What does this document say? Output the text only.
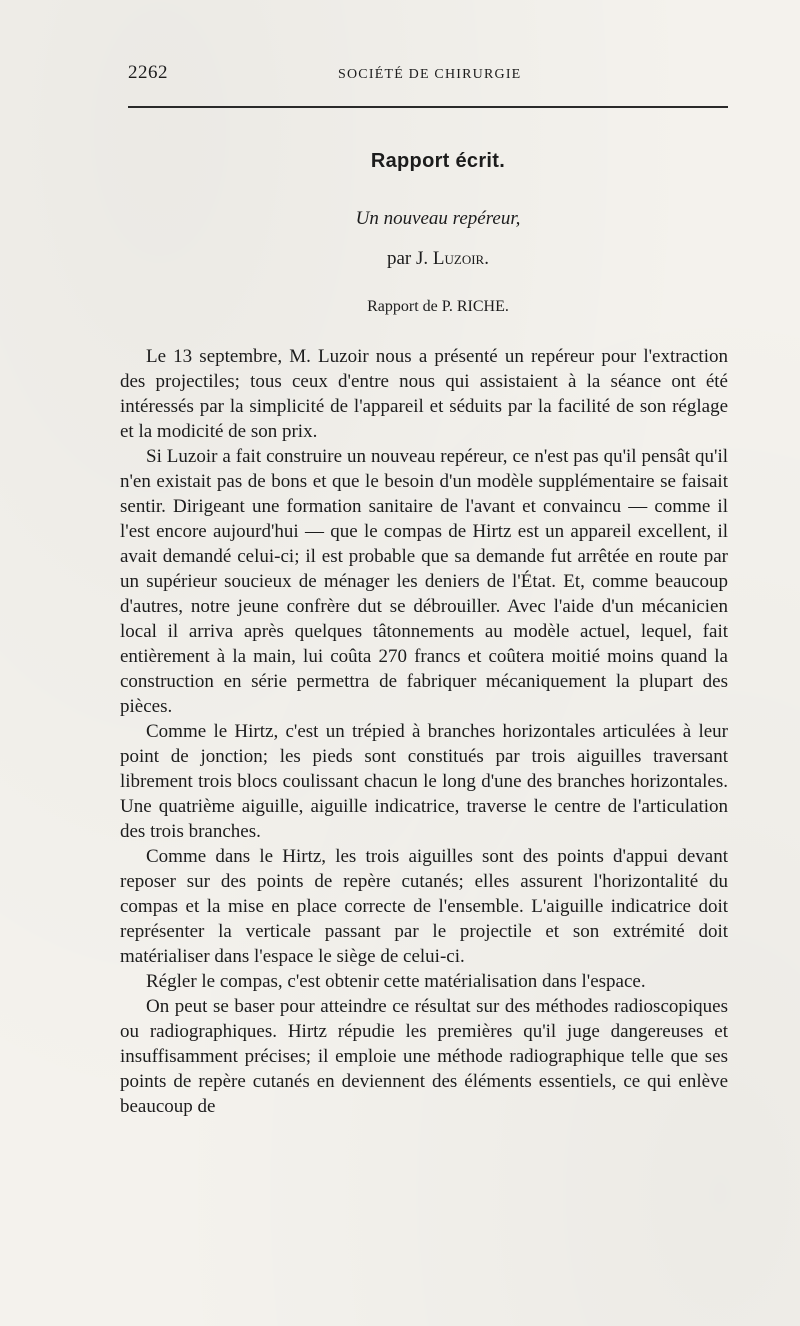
2262	SOCIÉTÉ DE CHIRURGIE
Rapport écrit.
Un nouveau repéreur,
par J. Luzoir.
Rapport de P. RICHE.

Le 13 septembre, M. Luzoir nous a présenté un repéreur pour l'extraction des projectiles; tous ceux d'entre nous qui assistaient à la séance ont été intéressés par la simplicité de l'appareil et séduits par la facilité de son réglage et la modicité de son prix.

Si Luzoir a fait construire un nouveau repéreur, ce n'est pas qu'il pensât qu'il n'en existait pas de bons et que le besoin d'un modèle supplémentaire se faisait sentir. Dirigeant une formation sanitaire de l'avant et convaincu — comme il l'est encore aujourd'hui — que le compas de Hirtz est un appareil excellent, il avait demandé celui-ci; il est probable que sa demande fut arrêtée en route par un supérieur soucieux de ménager les deniers de l'État. Et, comme beaucoup d'autres, notre jeune confrère dut se débrouiller. Avec l'aide d'un mécanicien local il arriva après quelques tâtonnements au modèle actuel, lequel, fait entièrement à la main, lui coûta 270 francs et coûtera moitié moins quand la construction en série permettra de fabriquer mécaniquement la plupart des pièces.

Comme le Hirtz, c'est un trépied à branches horizontales articulées à leur point de jonction; les pieds sont constitués par trois aiguilles traversant librement trois blocs coulissant chacun le long d'une des branches horizontales. Une quatrième aiguille, aiguille indicatrice, traverse le centre de l'articulation des trois branches.

Comme dans le Hirtz, les trois aiguilles sont des points d'appui devant reposer sur des points de repère cutanés; elles assurent l'horizontalité du compas et la mise en place correcte de l'ensemble. L'aiguille indicatrice doit représenter la verticale passant par le projectile et son extrémité doit matérialiser dans l'espace le siège de celui-ci.

Régler le compas, c'est obtenir cette matérialisation dans l'espace.

On peut se baser pour atteindre ce résultat sur des méthodes radioscopiques ou radiographiques. Hirtz répudie les premières qu'il juge dangereuses et insuffisamment précises; il emploie une méthode radiographique telle que ses points de repère cutanés en deviennent des éléments essentiels, ce qui enlève beaucoup de
